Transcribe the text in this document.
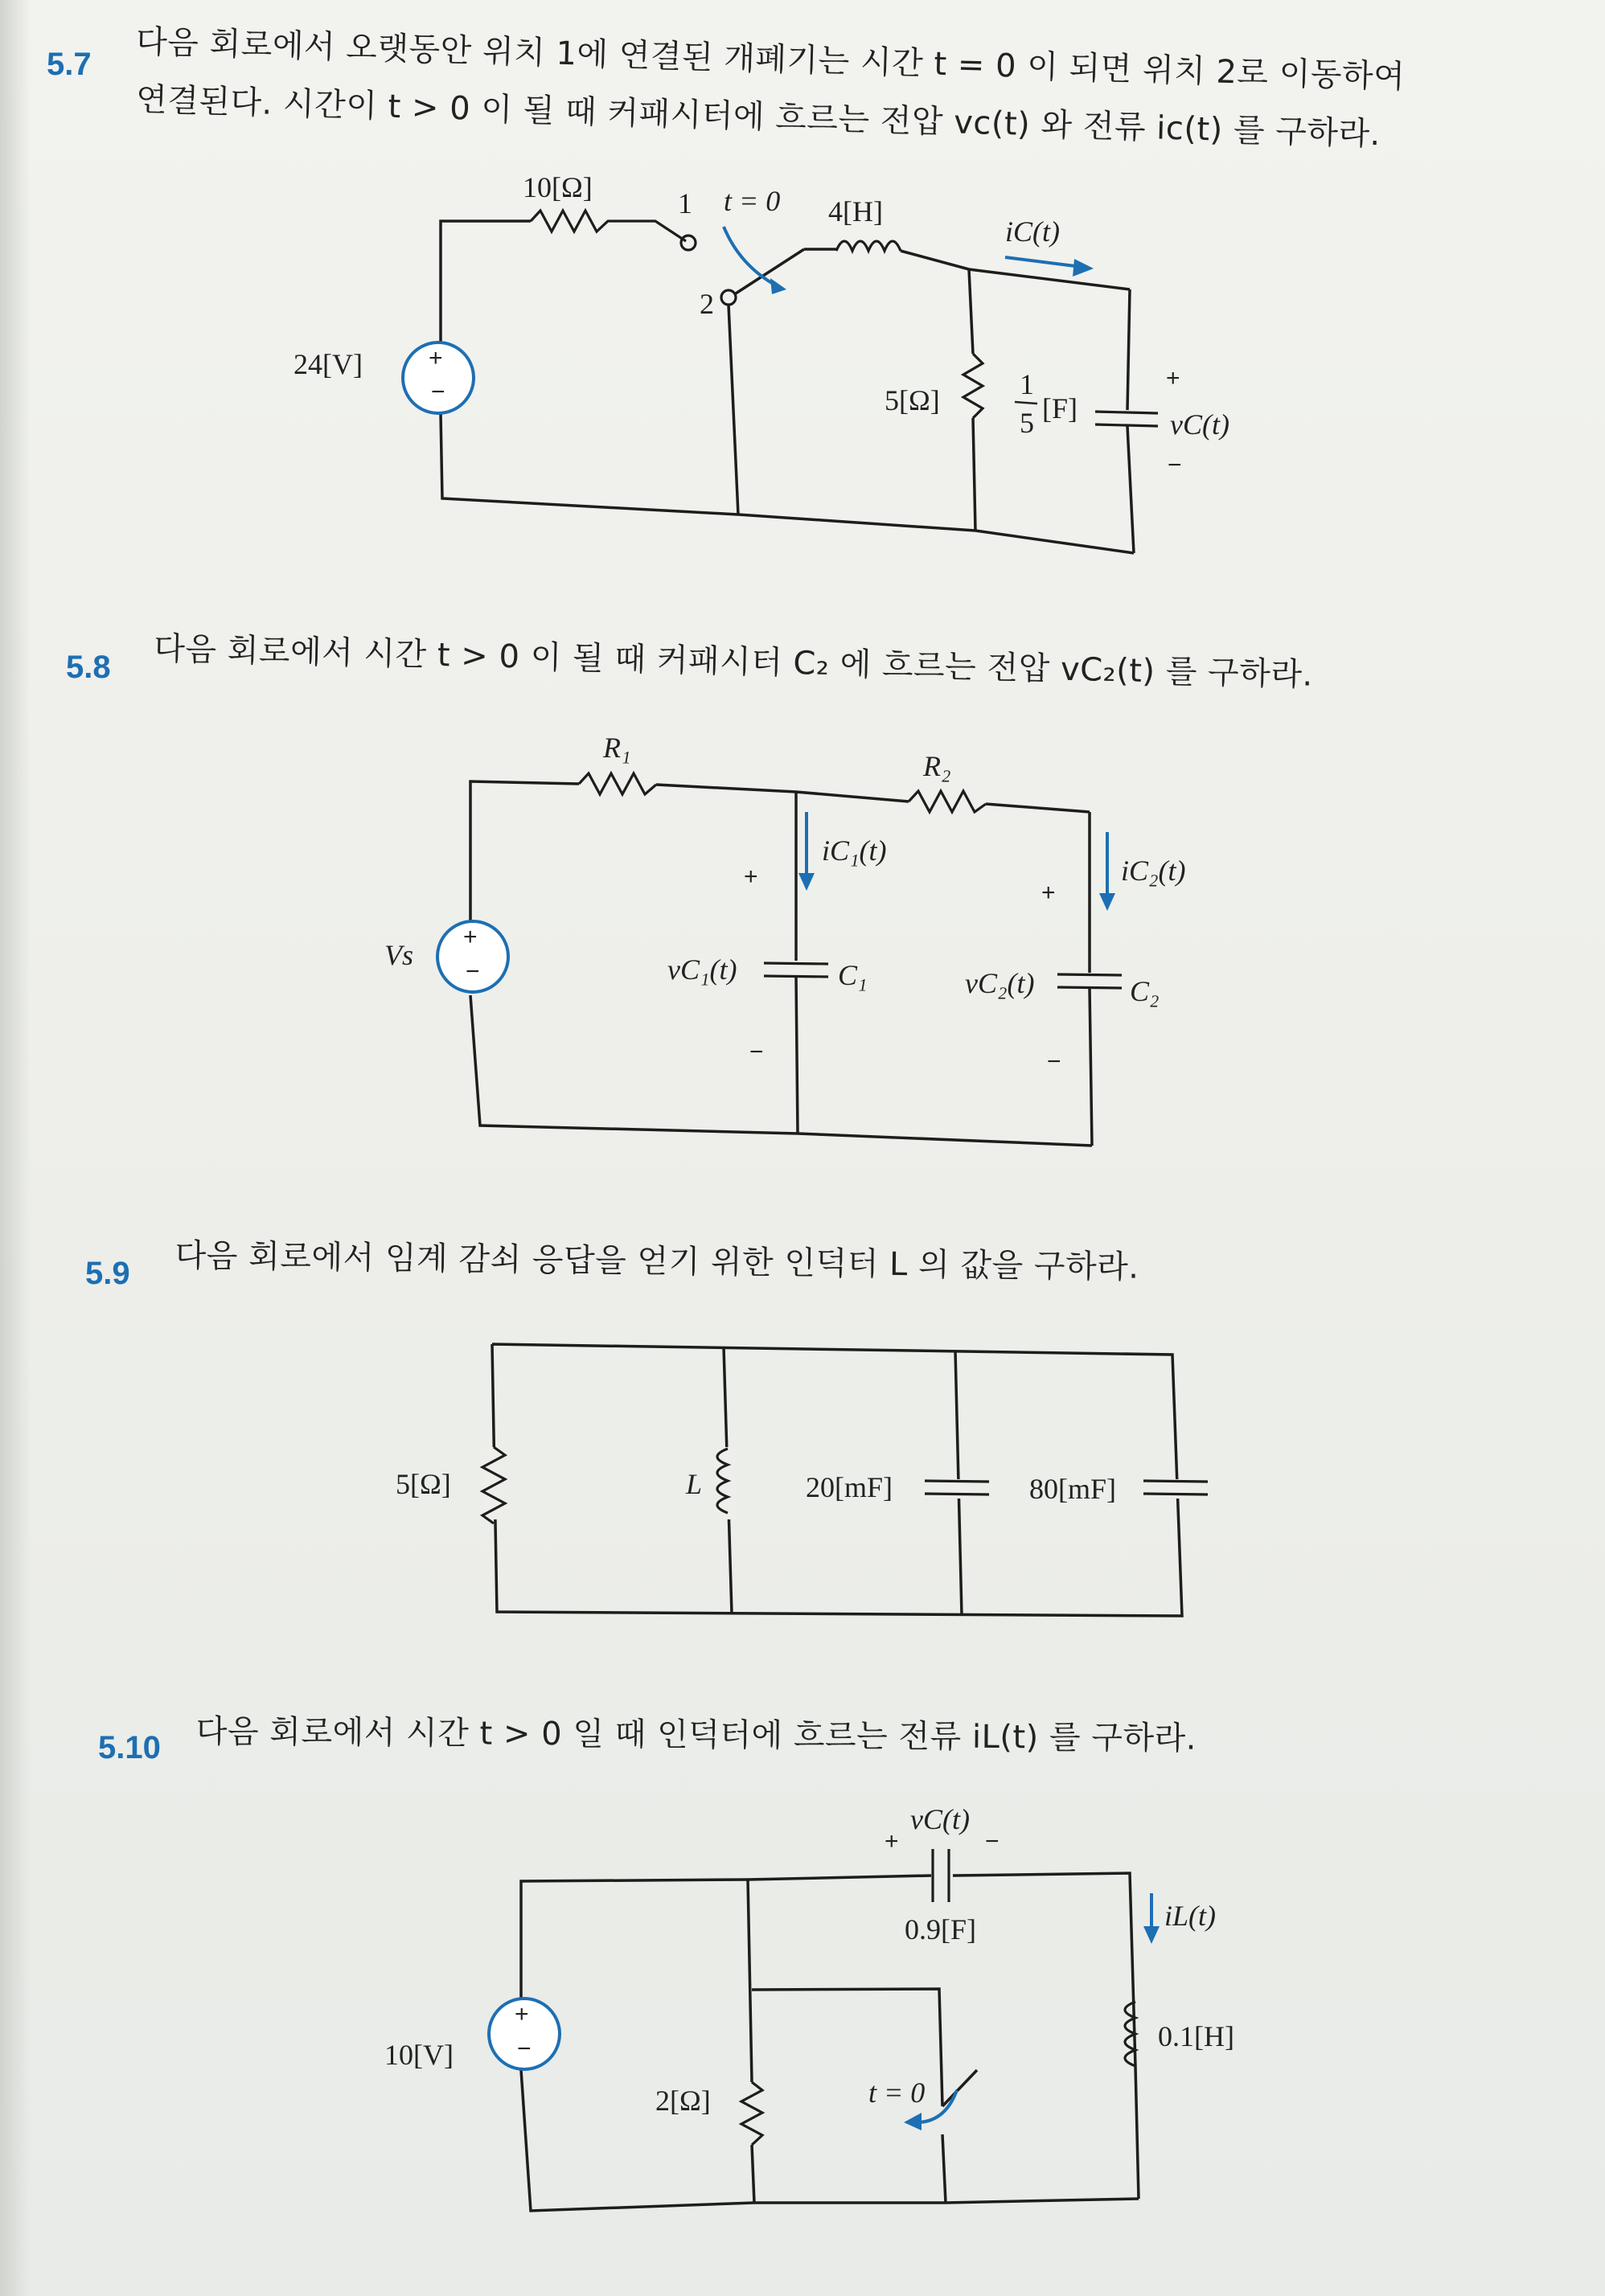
5.7 다음 회로에서 오랫동안 위치 1에 연결된 개폐기는 시간 t = 0 이 되면 위치 2로 이동하여
연결된다. 시간이 t > 0 이 될 때 커패시터에 흐르는 전압 vc(t) 와 전류 ic(t) 를 구하라.
+
−
10[Ω]	1
2
t = 0 4[H]
iC(t)
24[V]
5[Ω]	1
5 [F]
+
vC(t)
−
5.8 다음 회로에서 시간 t > 0 이 될 때 커패시터 C₂ 에 흐르는 전압 vC₂(t) 를 구하라.
+
−
R₁
R₂
Vs
iC₁(t)
iC₂(t)
+
vC₁(t)
−
C₁
+
vC₂(t)
−
C₂
5.9 다음 회로에서 임계 감쇠 응답을 얻기 위한 인덕터 L 의 값을 구하라.
5[Ω]	L	20[mF]	80[mF]
5.10 다음 회로에서 시간 t > 0 일 때 인덕터에 흐르는 전류 iL(t) 를 구하라.
+
−
+
vC(t)
−
0.9[F]	iL(t)
0.1[H]
10[V]
2[Ω]	t = 0
